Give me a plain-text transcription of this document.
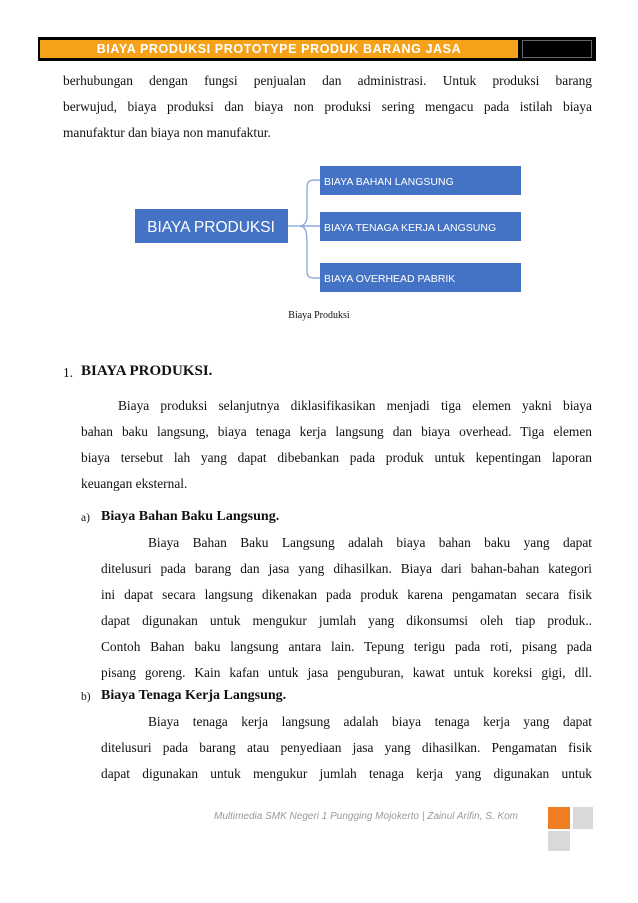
BIAYA PRODUKSI PROTOTYPE PRODUK BARANG JASA
berhubungan dengan fungsi penjualan dan administrasi. Untuk produksi barang
berwujud, biaya produksi dan biaya non produksi sering mengacu pada istilah biaya
manufaktur dan biaya non manufaktur.
BIAYA PRODUKSI
BIAYA BAHAN LANGSUNG
BIAYA TENAGA KERJA LANGSUNG
BIAYA OVERHEAD PABRIK
Biaya Produksi
1. BIAYA PRODUKSI.
Biaya produksi selanjutnya diklasifikasikan menjadi tiga elemen yakni biaya
bahan baku langsung, biaya tenaga kerja langsung dan biaya overhead. Tiga elemen
biaya tersebut lah yang dapat dibebankan pada produk untuk kepentingan laporan
keuangan eksternal.
a) Biaya Bahan Baku Langsung.
Biaya Bahan Baku Langsung adalah biaya bahan baku yang dapat
ditelusuri pada barang dan jasa yang dihasilkan. Biaya dari bahan-bahan kategori
ini dapat secara langsung dikenakan pada produk karena pengamatan secara fisik
dapat digunakan untuk mengukur jumlah yang dikonsumsi oleh tiap produk..
Contoh Bahan baku langsung antara lain. Tepung terigu pada roti, pisang pada
pisang goreng. Kain kafan untuk jasa penguburan, kawat untuk koreksi gigi, dll.
b) Biaya Tenaga Kerja Langsung.
Biaya tenaga kerja langsung adalah biaya tenaga kerja yang dapat
ditelusuri pada barang atau penyediaan jasa yang dihasilkan. Pengamatan fisik
dapat digunakan untuk mengukur jumlah tenaga kerja yang digunakan untuk
Multimedia SMK Negeri 1 Pungging Mojokerto | Zainul Arifin, S. Kom
